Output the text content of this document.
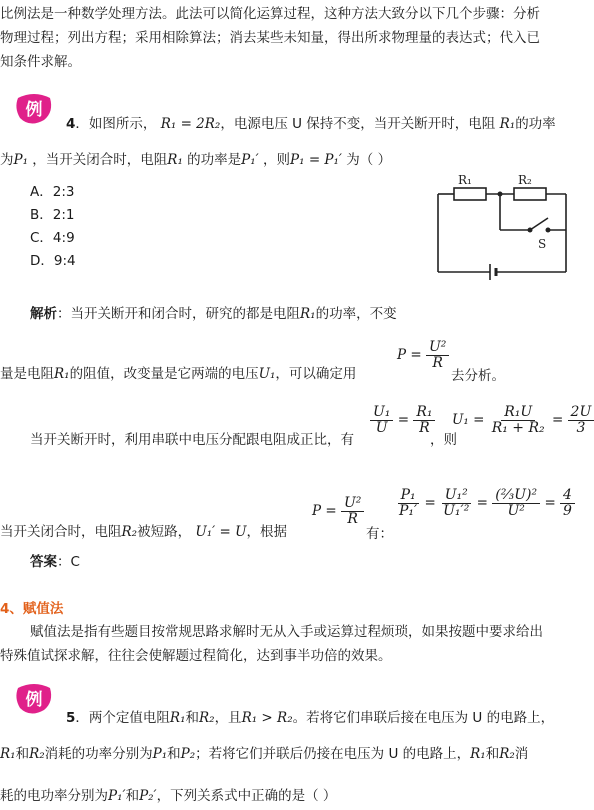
比例法是一种数学处理方法。此法可以简化运算过程，这种方法大致分以下几个步骤：分析
物理过程；列出方程；采用相除算法；消去某些未知量，得出所求物理量的表达式；代入已
知条件求解。
例
4．如图所示， R₁ = 2R₂，电源电压 U 保持不变，当开关断开时，电阻 R₁的功率
为P₁ ，当开关闭合时，电阻R₁ 的功率是P₁′ ，则P₁ = P₁′ 为（ ）
A．2:3
B．2:1
C．4:9
D．9:4
R₁	R₂
S
解析：当开关断开和闭合时，研究的都是电阻R₁的功率，不变
量是电阻R₁的阻值，改变量是它两端的电压U₁，可以确定用
$P = \frac{\text{U²}}{R}$
去分析。
当开关断开时，利用串联中电压分配跟电阻成正比，有
$\frac{\text{U₁}}{U} = \frac{\text{R₁}}{R}$
，则
$U_1 = \frac{\text{R₁U}}{\text{R₁ + R₂}} = \frac{2U}{3}$
当开关闭合时，电阻R₂被短路， U₁′ = U，根据
$P = \frac{\text{U²}}{R}$
有：
$\frac{\text{P₁}}{\text{P₁′}} = \frac{\text{U₁²}}{\text{U₁′²}} = \frac{\text{(²⁄₃U)²}}{\text{U²}} = \frac{4}{9}$
答案：C
4、赋值法
赋值法是指有些题目按常规思路求解时无从入手或运算过程烦琐，如果按题中要求给出
特殊值试探求解，往往会使解题过程简化，达到事半功倍的效果。
例
5．两个定值电阻R₁和R₂，且R₁ > R₂。若将它们串联后接在电压为 U 的电路上，
R₁和R₂消耗的功率分别为P₁和P₂；若将它们并联后仍接在电压为 U 的电路上，R₁和R₂消
耗的电功率分别为P₁′和P₂′，下列关系式中正确的是（ ）
